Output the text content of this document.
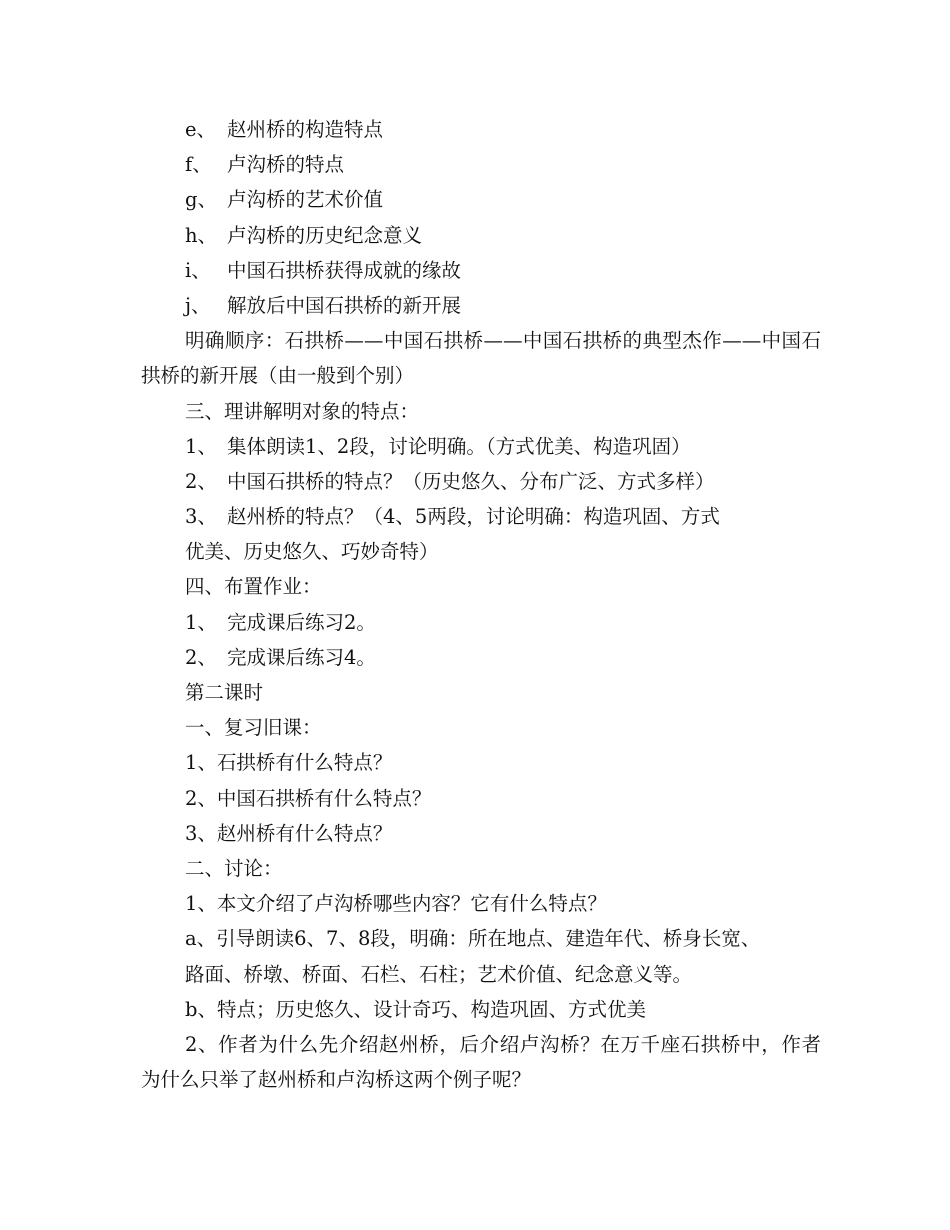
e、 赵州桥的构造特点
f、 卢沟桥的特点
g、 卢沟桥的艺术价值
h、 卢沟桥的历史纪念意义
i、 中国石拱桥获得成就的缘故
j、 解放后中国石拱桥的新开展
明确顺序：石拱桥——中国石拱桥——中国石拱桥的典型杰作——中国石拱桥的新开展（由一般到个别）
三、理讲解明对象的特点：
1、 集体朗读1、2段，讨论明确。（方式优美、构造巩固）
2、 中国石拱桥的特点？（历史悠久、分布广泛、方式多样）
3、 赵州桥的特点？（4、5两段，讨论明确：构造巩固、方式
优美、历史悠久、巧妙奇特）
四、布置作业：
1、 完成课后练习2。
2、 完成课后练习4。
第二课时
一、复习旧课：
1、石拱桥有什么特点？
2、中国石拱桥有什么特点？
3、赵州桥有什么特点？
二、讨论：
1、本文介绍了卢沟桥哪些内容？它有什么特点？
a、引导朗读6、7、8段，明确：所在地点、建造年代、桥身长宽、
路面、桥墩、桥面、石栏、石柱；艺术价值、纪念意义等。
b、特点；历史悠久、设计奇巧、构造巩固、方式优美
2、作者为什么先介绍赵州桥，后介绍卢沟桥？在万千座石拱桥中，作者为什么只举了赵州桥和卢沟桥这两个例子呢？
